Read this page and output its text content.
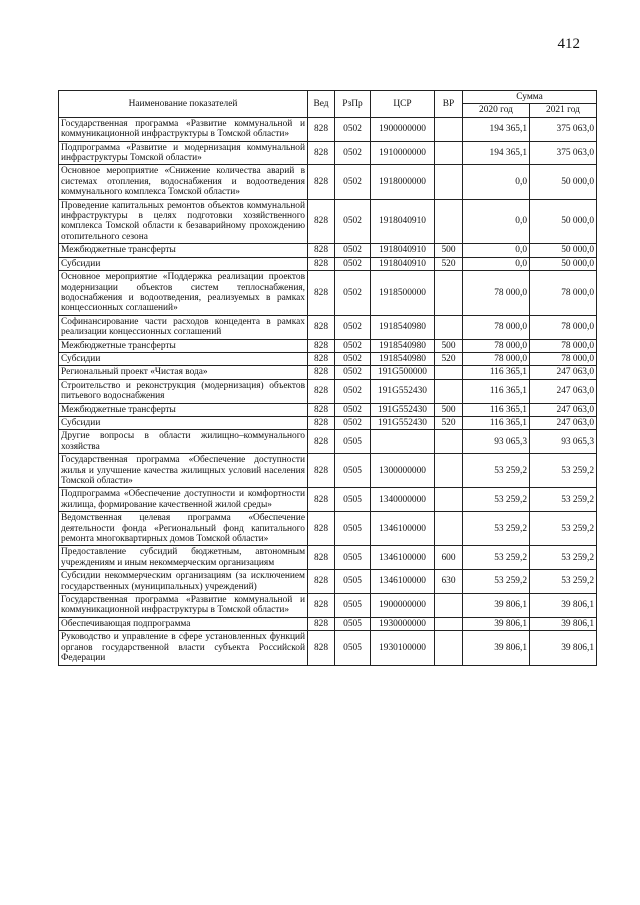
412
Наименование показателей	Вед	РзПр	ЦСР	ВР	Сумма	
					2020 год	2021 год
Государственная программа «Развитие коммунальной и коммуникационной инфраструктуры в Томской области»	828	0502	1900000000		194 365,1	375 063,0
Подпрограмма «Развитие и модернизация коммунальной инфраструктуры Томской области»	828	0502	1910000000		194 365,1	375 063,0
Основное мероприятие «Снижение количества аварий в системах отопления, водоснабжения и водоотведения коммунального комплекса Томской области»	828	0502	1918000000		0,0	50 000,0
Проведение капитальных ремонтов объектов коммунальной инфраструктуры в целях подготовки хозяйственного комплекса Томской области к безаварийному прохождению отопительного сезона	828	0502	1918040910		0,0	50 000,0
Межбюджетные трансферты	828	0502	1918040910	500	0,0	50 000,0
Субсидии	828	0502	1918040910	520	0,0	50 000,0
Основное мероприятие «Поддержка реализации проектов модернизации объектов систем теплоснабжения, водоснабжения и водоотведения, реализуемых в рамках концессионных соглашений»	828	0502	1918500000		78 000,0	78 000,0
Софинансирование части расходов концедента в рамках реализации концессионных соглашений	828	0502	1918540980		78 000,0	78 000,0
Межбюджетные трансферты	828	0502	1918540980	500	78 000,0	78 000,0
Субсидии	828	0502	1918540980	520	78 000,0	78 000,0
Региональный проект «Чистая вода»	828	0502	191G500000		116 365,1	247 063,0
Строительство и реконструкция (модернизация) объектов питьевого водоснабжения	828	0502	191G552430		116 365,1	247 063,0
Межбюджетные трансферты	828	0502	191G552430	500	116 365,1	247 063,0
Субсидии	828	0502	191G552430	520	116 365,1	247 063,0
Другие вопросы в области жилищно–коммунального хозяйства	828	0505			93 065,3	93 065,3
Государственная программа «Обеспечение доступности жилья и улучшение качества жилищных условий населения Томской области»	828	0505	1300000000		53 259,2	53 259,2
Подпрограмма «Обеспечение доступности и комфортности жилища, формирование качественной жилой среды»	828	0505	1340000000		53 259,2	53 259,2
Ведомственная целевая программа «Обеспечение деятельности фонда «Региональный фонд капитального ремонта многоквартирных домов Томской области»	828	0505	1346100000		53 259,2	53 259,2
Предоставление субсидий бюджетным, автономным учреждениям и иным некоммерческим организациям	828	0505	1346100000	600	53 259,2	53 259,2
Субсидии некоммерческим организациям (за исключением государственных (муниципальных) учреждений)	828	0505	1346100000	630	53 259,2	53 259,2
Государственная программа «Развитие коммунальной и коммуникационной инфраструктуры в Томской области»	828	0505	1900000000		39 806,1	39 806,1
Обеспечивающая подпрограмма	828	0505	1930000000		39 806,1	39 806,1
Руководство и управление в сфере установленных функций органов государственной власти субъекта Российской Федерации	828	0505	1930100000		39 806,1	39 806,1
